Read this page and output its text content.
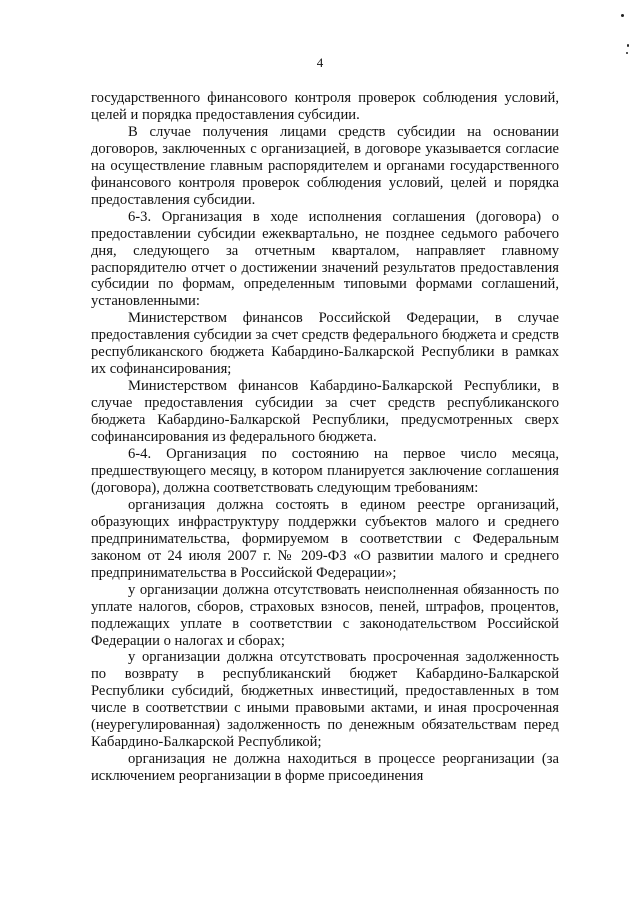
4

государственного финансового контроля проверок соблюдения условий, целей и порядка предоставления субсидии.

В случае получения лицами средств субсидии на основании договоров, заключенных с организацией, в договоре указывается согласие на осуществление главным распорядителем и органами государственного финансового контроля проверок соблюдения условий, целей и порядка предоставления субсидии.

6-3. Организация в ходе исполнения соглашения (договора) о предоставлении субсидии ежеквартально, не позднее седьмого рабочего дня, следующего за отчетным кварталом, направляет главному распорядителю отчет о достижении значений результатов предоставления субсидии по формам, определенным типовыми формами соглашений, установленными:

Министерством финансов Российской Федерации, в случае предоставления субсидии за счет средств федерального бюджета и средств республиканского бюджета Кабардино-Балкарской Республики в рамках их софинансирования;

Министерством финансов Кабардино-Балкарской Республики, в случае предоставления субсидии за счет средств республиканского бюджета Кабардино-Балкарской Республики, предусмотренных сверх софинансирования из федерального бюджета.

6-4. Организация по состоянию на первое число месяца, предшествующего месяцу, в котором планируется заключение соглашения (договора), должна соответствовать следующим требованиям:

организация должна состоять в едином реестре организаций, образующих инфраструктуру поддержки субъектов малого и среднего предпринимательства, формируемом в соответствии с Федеральным законом от 24 июля 2007 г. № 209-ФЗ «О развитии малого и среднего предпринимательства в Российской Федерации»;

у организации должна отсутствовать неисполненная обязанность по уплате налогов, сборов, страховых взносов, пеней, штрафов, процентов, подлежащих уплате в соответствии с законодательством Российской Федерации о налогах и сборах;

у организации должна отсутствовать просроченная задолженность по возврату в республиканский бюджет Кабардино-Балкарской Республики субсидий, бюджетных инвестиций, предоставленных в том числе в соответствии с иными правовыми актами, и иная просроченная (неурегулированная) задолженность по денежным обязательствам перед Кабардино-Балкарской Республикой;

организация не должна находиться в процессе реорганизации (за исключением реорганизации в форме присоединения
